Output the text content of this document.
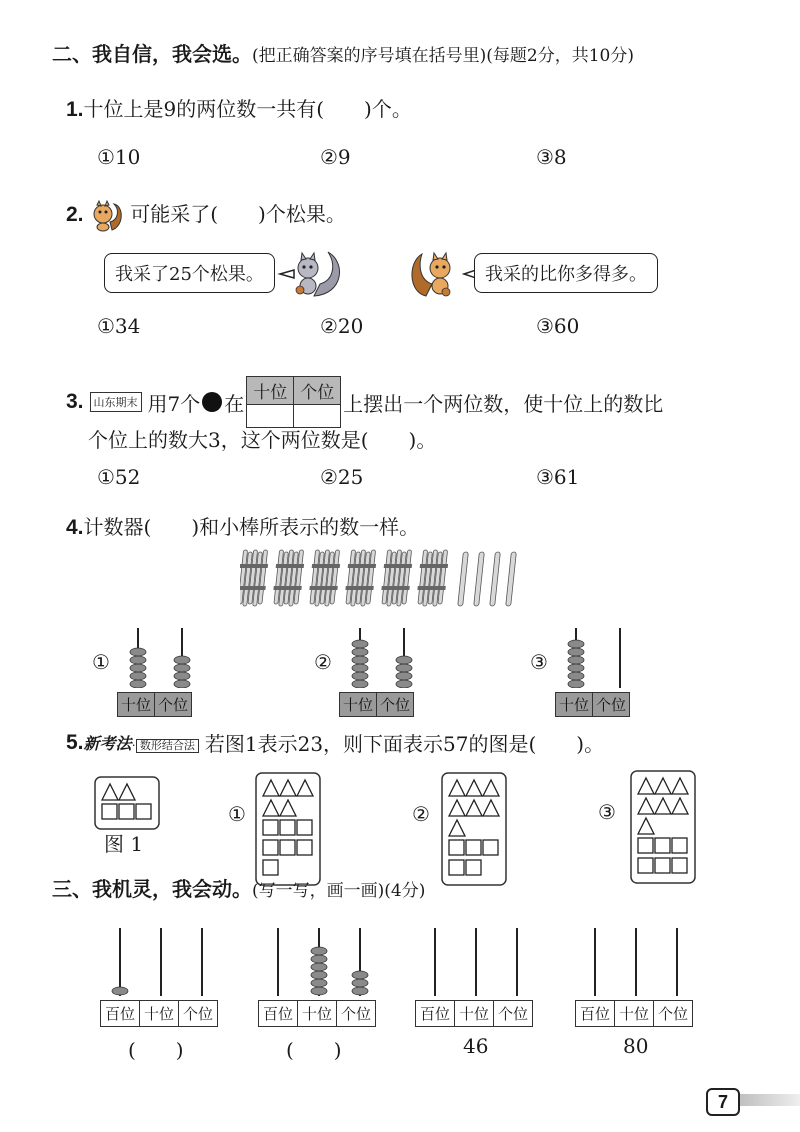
二、我自信，我会选。(把正确答案的序号填在括号里)(每题2分，共10分)
1.十位上是9的两位数一共有(　　)个。
①10	②9	③8
2. 可能采了(　　)个松果。
我采了25个松果。	我采的比你多得多。
①34	②20	③60
3. 山东期末 用7个 在 十位	个位
	上摆出一个两位数，使十位上的数比
个位上的数大3，这个两位数是(　　)。
①52	②25	③61
4.计数器(　　)和小棒所表示的数一样。
①
十位	个位
②
十位	个位
③
十位	个位
5. 新考法· 数形结合法 若图1表示23，则下面表示57的图是(　　)。
图 1
①	②	③
三、我机灵，我会动。(写一写，画一画)(4分)
百位	十位	个位
(　　)
百位	十位	个位
(　　)
百位	十位	个位
46
百位	十位	个位
80
7
